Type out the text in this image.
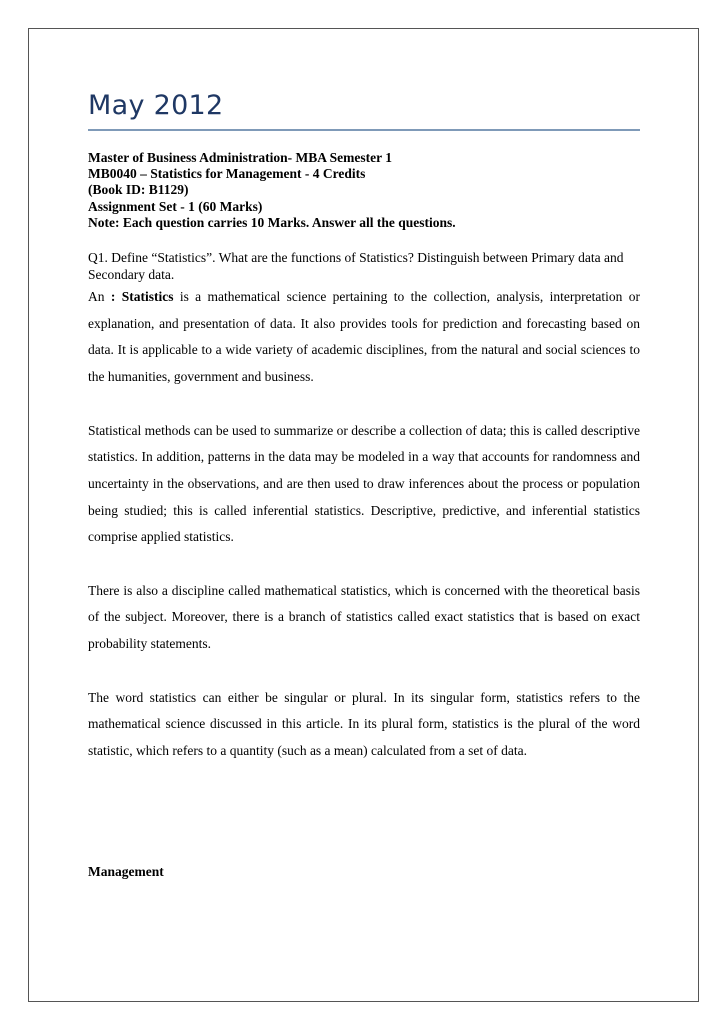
May 2012
Master of Business Administration- MBA Semester 1
MB0040 – Statistics for Management - 4 Credits
(Book ID: B1129)
Assignment Set - 1 (60 Marks)
Note: Each question carries 10 Marks. Answer all the questions.
Q1. Define “Statistics”. What are the functions of Statistics? Distinguish between Primary data and Secondary data.

An : Statistics is a mathematical science pertaining to the collection, analysis, interpretation or explanation, and presentation of data. It also provides tools for prediction and forecasting based on data. It is applicable to a wide variety of academic disciplines, from the natural and social sciences to the humanities, government and business.

Statistical methods can be used to summarize or describe a collection of data; this is called descriptive statistics. In addition, patterns in the data may be modeled in a way that accounts for randomness and uncertainty in the observations, and are then used to draw inferences about the process or population being studied; this is called inferential statistics. Descriptive, predictive, and inferential statistics comprise applied statistics.

There is also a discipline called mathematical statistics, which is concerned with the theoretical basis of the subject. Moreover, there is a branch of statistics called exact statistics that is based on exact probability statements.

The word statistics can either be singular or plural. In its singular form, statistics refers to the mathematical science discussed in this article. In its plural form, statistics is the plural of the word statistic, which refers to a quantity (such as a mean) calculated from a set of data.

Management
